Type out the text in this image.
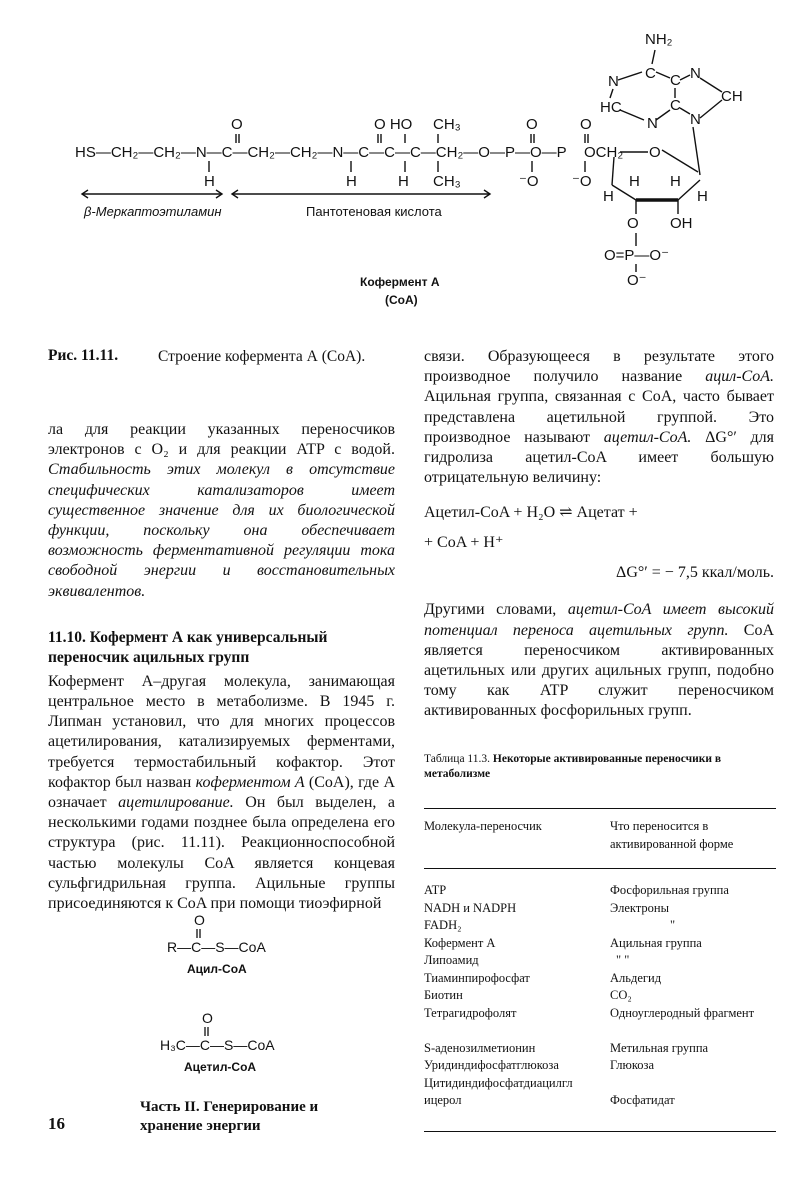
HS—CH₂—CH₂—N—C—CH₂—CH₂—N—C—C—C—CH₂—O—P—O—P OCH₂
O	O HO CH₃	O	O
H	H	H CH₃	⁻O ⁻O
NH₂
N
HC
N
N
CH
N
C C
C
O
H
H H
H
O OH
O=P—O⁻
O⁻
β-Меркаптоэтиламин	Пантотеновая кислота
Кофермент А
(CoA)
Рис. 11.11.	Строение кофермента А (CoA).

ла для реакции указанных переносчиков электронов с O₂ и для реакции ATP с водой. Стабильность этих молекул в отсутствие специфических катализаторов имеет существенное значение для их биологической функции, поскольку она обеспечивает возможность ферментативной регуляции тока свободной энергии и восстановительных эквивалентов.

11.10. Кофермент А как универсальный переносчик ацильных групп

Кофермент А–другая молекула, занимающая центральное место в метаболизме. В 1945 г. Липман установил, что для многих процессов ацетилирования, катализируемых ферментами, требуется термостабильный кофактор. Этот кофактор был назван коферментом А (CoA), где А означает ацетилирование. Он был выделен, а несколькими годами позднее была определена его структура (рис. 11.11). Реакционноспособной частью молекулы CoA является концевая сульфгидрильная группа. Ацильные группы присоединяются к CoA при помощи тиоэфирной

O
R—C—S—CoA
Ацил-CoA
O
H₃C—C—S—CoA
Ацетил-CoA

связи. Образующееся в результате этого производное получило название ацил-CoA. Ацильная группа, связанная с CoA, часто бывает представлена ацетильной группой. Это производное называют ацетил-CoA. ΔG°′ для гидролиза ацетил-CoA имеет большую отрицательную величину:

Ацетил-CoA + H₂O ⇌ Ацетат +
+ CoA + H⁺
ΔG°′ = − 7,5 ккал/моль.

Другими словами, ацетил-CoA имеет высокий потенциал переноса ацетильных групп. CoA является переносчиком активированных ацетильных или других ацильных групп, подобно тому как ATP служит переносчиком активированных фосфорильных групп.

Таблица 11.3. Некоторые активированные переносчики в метаболизме
Молекула-переносчик	Что переносится в активированной форме
ATP	Фосфорильная группа
NADH и NADPH	Электроны
FADH₂	"
Кофермент А	Ацильная группа
Липоамид	" "
Тиаминпирофосфат	Альдегид
Биотин	CO₂
Тетрагидрофолят	Одноуглеродный фрагмент
S-аденозилметионин	Метильная группа
Уридиндифосфатглюкоза	Глюкоза
Цитидиндифосфатдиацилглицерол	Фосфатидат
16
Часть II. Генерирование и хранение энергии
